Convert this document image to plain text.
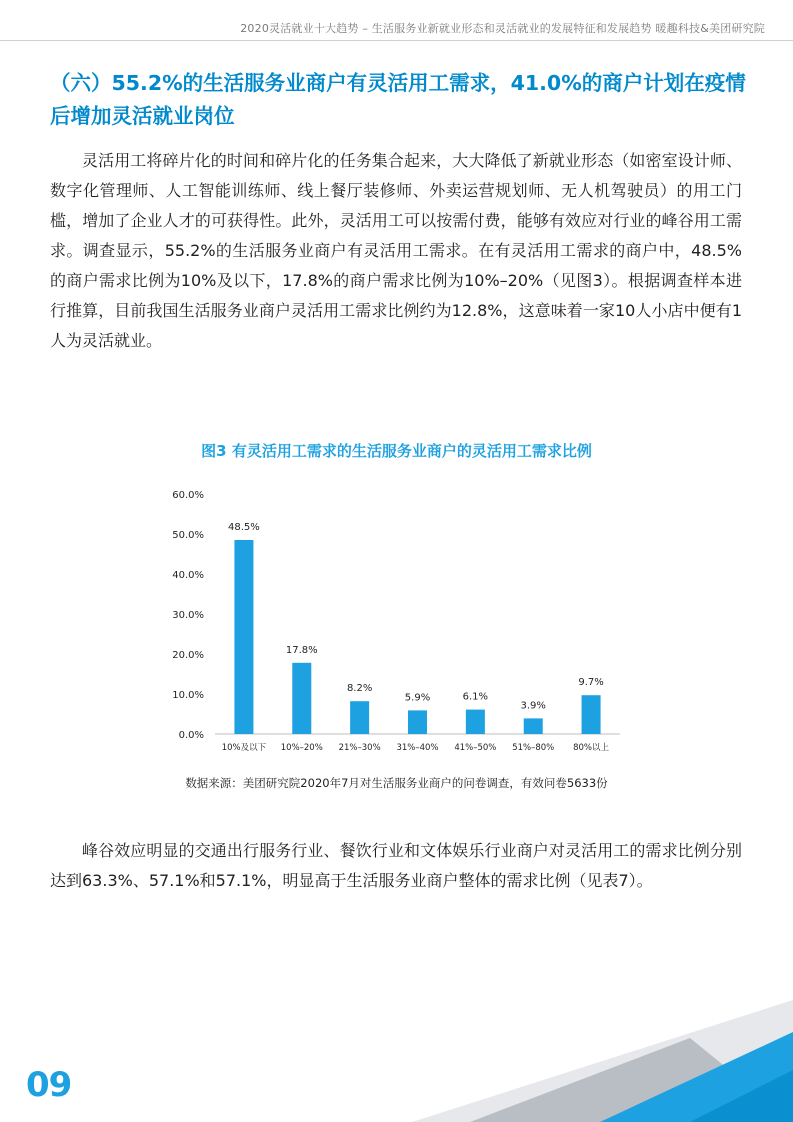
2020灵活就业十大趋势 – 生活服务业新就业形态和灵活就业的发展特征和发展趋势 暖趣科技&美团研究院
（六）55.2%的生活服务业商户有灵活用工需求，41.0%的商户计划在疫情后增加灵活就业岗位

灵活用工将碎片化的时间和碎片化的任务集合起来，大大降低了新就业形态（如密室设计师、数字化管理师、人工智能训练师、线上餐厅装修师、外卖运营规划师、无人机驾驶员）的用工门槛，增加了企业人才的可获得性。此外，灵活用工可以按需付费，能够有效应对行业的峰谷用工需求。调查显示，55.2%的生活服务业商户有灵活用工需求。在有灵活用工需求的商户中，48.5%的商户需求比例为10%及以下，17.8%的商户需求比例为10%–20%（见图3）。根据调查样本进行推算，目前我国生活服务业商户灵活用工需求比例约为12.8%，这意味着一家10人小店中便有1人为灵活就业。

图3 有灵活用工需求的生活服务业商户的灵活用工需求比例
0.0%
10.0%
20.0%
30.0%
40.0%
50.0%
60.0%
48.5%
17.8%
8.2%
5.9%	6.1%
3.9%
9.7%
10%及以下 10%–20% 21%–30% 31%–40% 41%–50% 51%–80% 80%以上
数据来源：美团研究院2020年7月对生活服务业商户的问卷调查，有效问卷5633份

峰谷效应明显的交通出行服务行业、餐饮行业和文体娱乐行业商户对灵活用工的需求比例分别达到63.3%、57.1%和57.1%，明显高于生活服务业商户整体的需求比例（见表7）。

09
